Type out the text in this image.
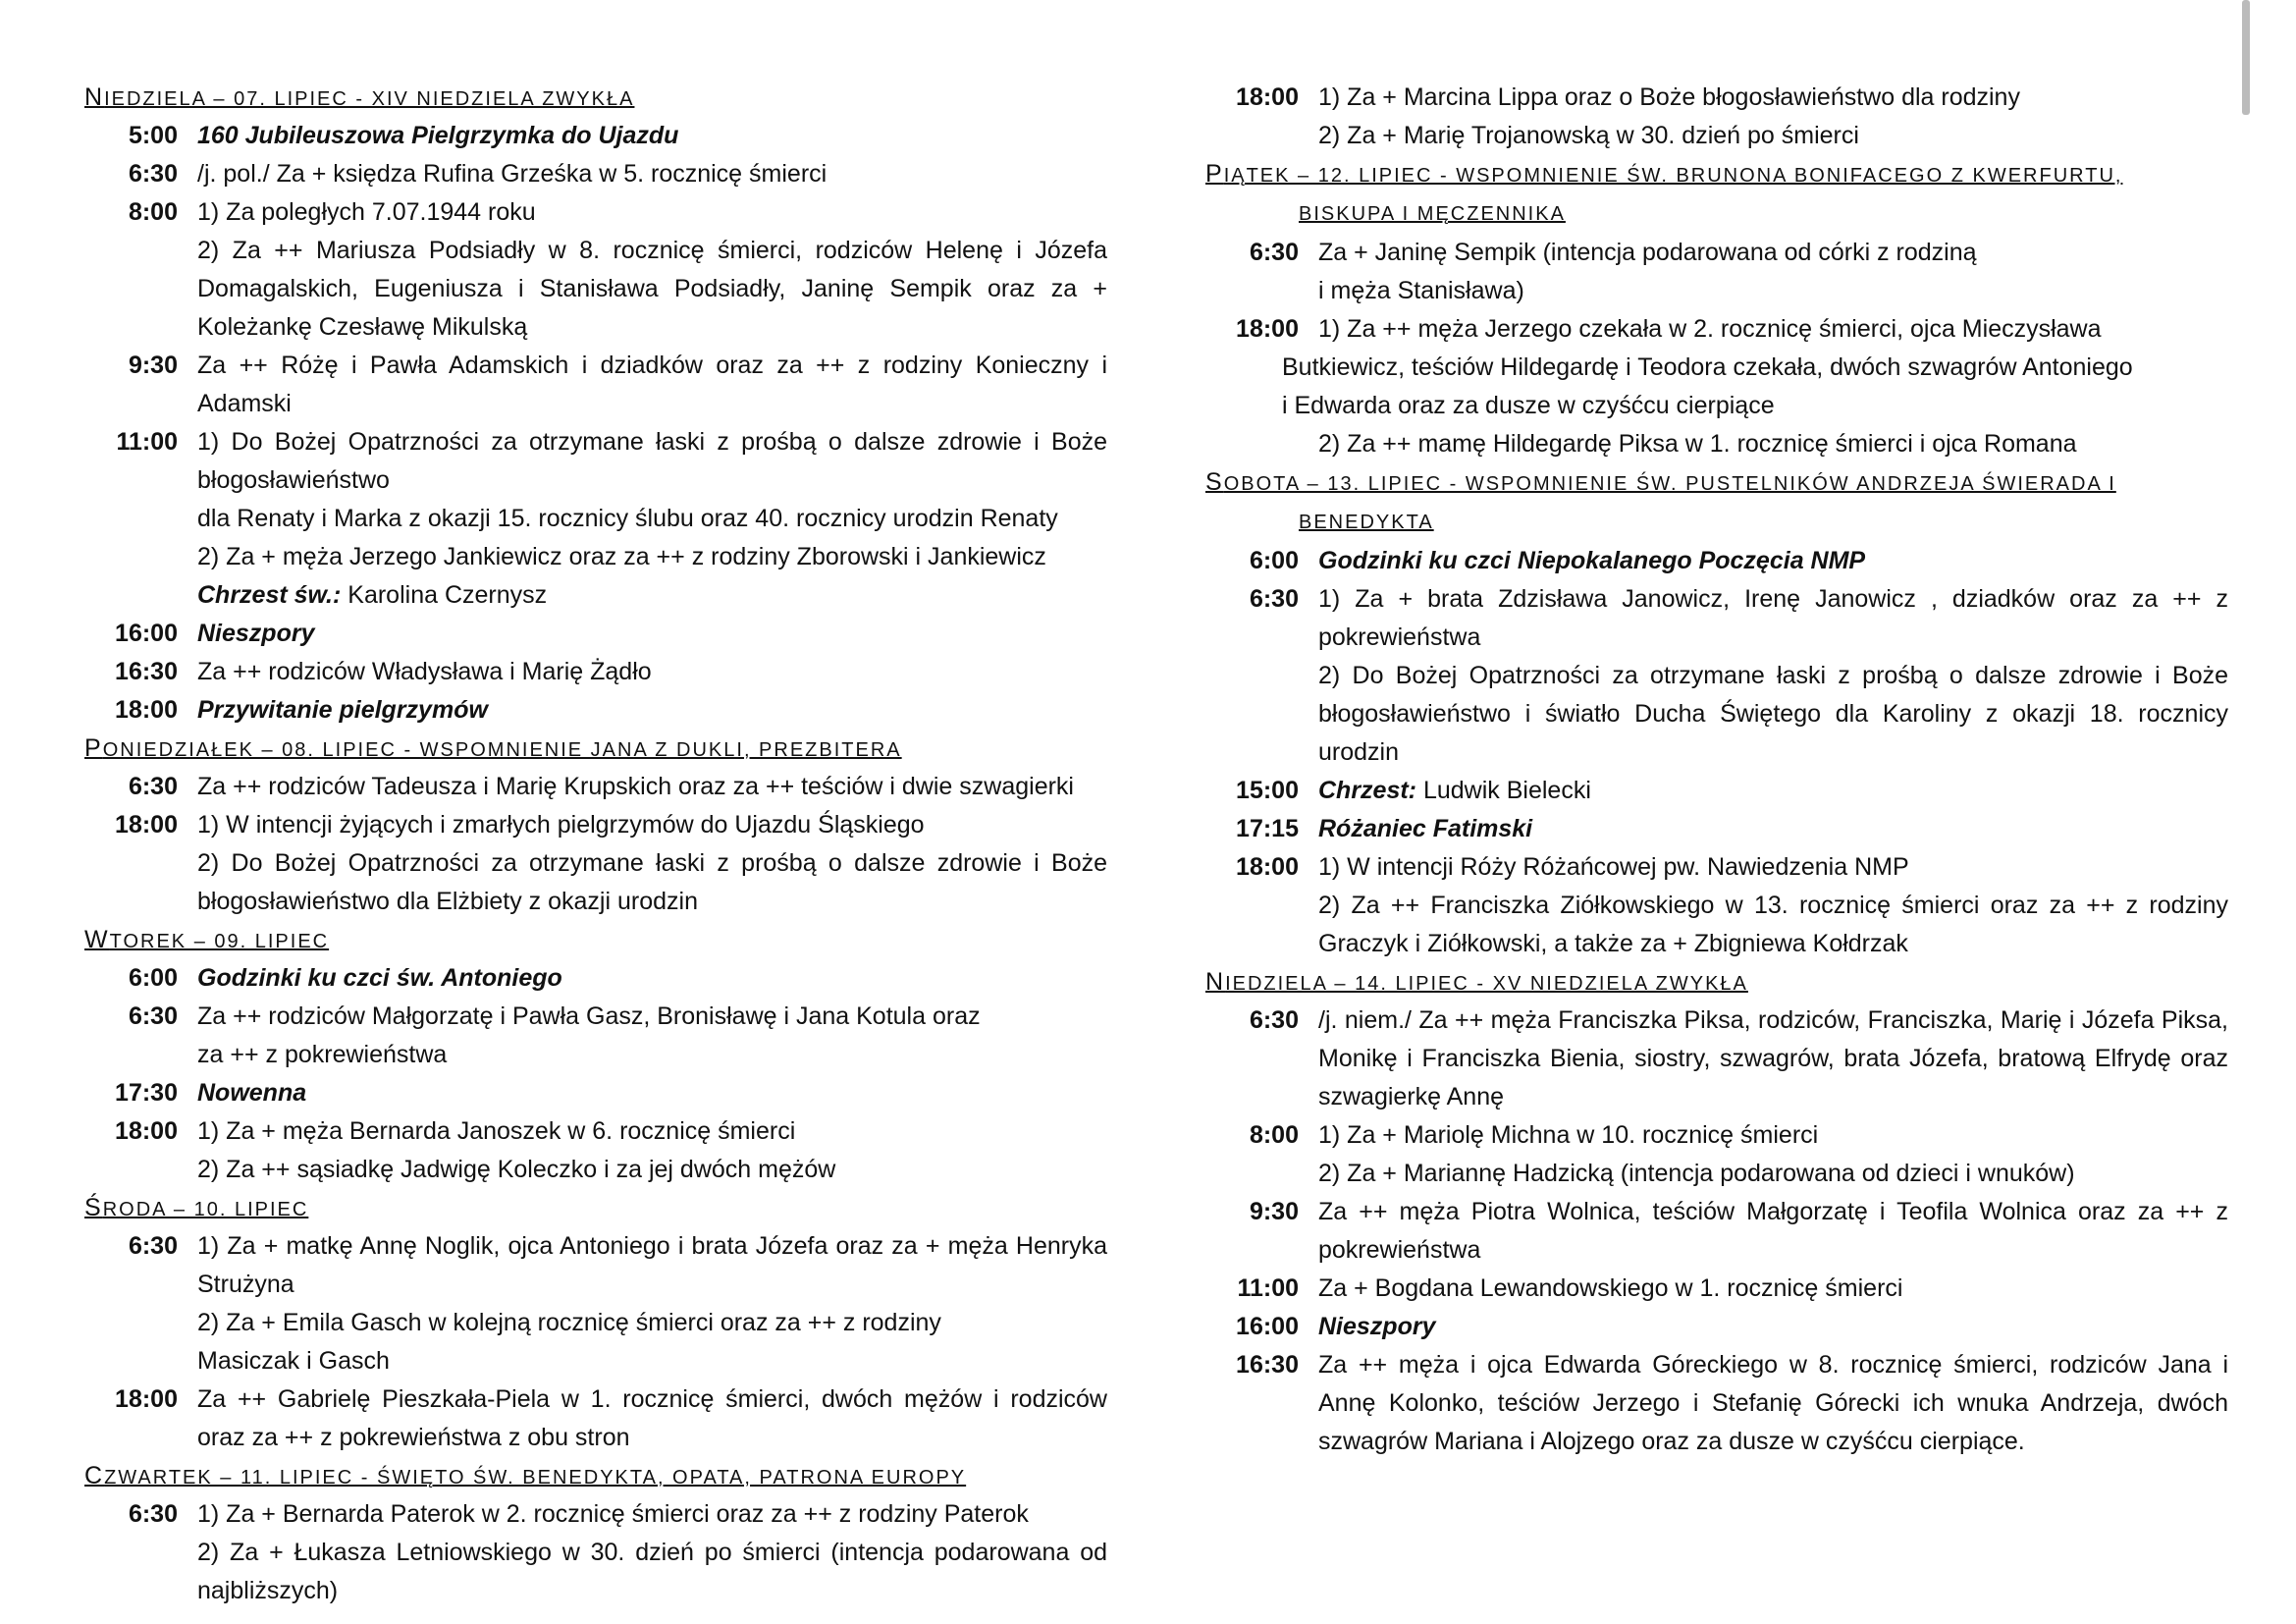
NIEDZIELA – 07. LIPIEC - XIV NIEDZIELA ZWYKŁA
5:00 160 Jubileuszowa Pielgrzymka do Ujazdu
6:30 /j. pol./ Za + księdza Rufina Grześka w 5. rocznicę śmierci
8:00 1) Za poległych 7.07.1944 roku
2) Za ++ Mariusza Podsiadły w 8. rocznicę śmierci, rodziców Helenę i Józefa Domagalskich, Eugeniusza i Stanisława Podsiadły, Janinę Sempik oraz za + Koleżankę Czesławę Mikulską
9:30 Za ++ Różę i Pawła Adamskich i dziadków oraz za ++ z rodziny Konieczny i Adamski
11:00 1) Do Bożej Opatrzności za otrzymane łaski z prośbą o dalsze zdrowie i Boże błogosławieństwo
dla Renaty i Marka z okazji 15. rocznicy ślubu oraz 40. rocznicy urodzin Renaty
2) Za + męża Jerzego Jankiewicz oraz za ++ z rodziny Zborowski i Jankiewicz
Chrzest św.: Karolina Czernysz
16:00 Nieszpory
16:30 Za ++ rodziców Władysława i Marię Żądło
18:00 Przywitanie pielgrzymów
PONIEDZIAŁEK – 08. LIPIEC - WSPOMNIENIE JANA Z DUKLI, PREZBITERA
6:30 Za ++ rodziców Tadeusza i Marię Krupskich oraz za ++ teściów i dwie szwagierki
18:00 1) W intencji żyjących i zmarłych pielgrzymów do Ujazdu Śląskiego
2) Do Bożej Opatrzności za otrzymane łaski z prośbą o dalsze zdrowie i Boże błogosławieństwo dla Elżbiety z okazji urodzin
WTOREK – 09. LIPIEC
6:00 Godzinki ku czci św. Antoniego
6:30 Za ++ rodziców Małgorzatę i Pawła Gasz, Bronisławę i Jana Kotula oraz
za ++ z pokrewieństwa
17:30 Nowenna
18:00 1) Za + męża Bernarda Janoszek w 6. rocznicę śmierci
2) Za ++ sąsiadkę Jadwigę Koleczko i za jej dwóch mężów
ŚRODA – 10. LIPIEC
6:30 1) Za + matkę Annę Noglik, ojca Antoniego i brata Józefa oraz za + męża Henryka Strużyna
2) Za + Emila Gasch w kolejną rocznicę śmierci oraz za ++ z rodziny
Masiczak i Gasch
18:00 Za ++ Gabrielę Pieszkała-Piela w 1. rocznicę śmierci, dwóch mężów i rodziców oraz za ++ z pokrewieństwa z obu stron
CZWARTEK – 11. LIPIEC - ŚWIĘTO ŚW. BENEDYKTA, OPATA, PATRONA EUROPY
6:30 1) Za + Bernarda Paterok w 2. rocznicę śmierci oraz za ++ z rodziny Paterok
2) Za + Łukasza Letniowskiego w 30. dzień po śmierci (intencja podarowana od najbliższych)
18:00 1) Za + Marcina Lippa oraz o Boże błogosławieństwo dla rodziny
2) Za + Marię Trojanowską w 30. dzień po śmierci
PIĄTEK – 12. LIPIEC - WSPOMNIENIE ŚW. BRUNONA BONIFACEGO Z KWERFURTU,
BISKUPA I MĘCZENNIKA
6:30 Za + Janinę Sempik (intencja podarowana od córki z rodziną
i męża Stanisława)
18:00 1) Za ++ męża Jerzego czekała w 2. rocznicę śmierci, ojca Mieczysława
Butkiewicz, teściów Hildegardę i Teodora czekała, dwóch szwagrów Antoniego
i Edwarda oraz za dusze w czyśćcu cierpiące
2) Za ++ mamę Hildegardę Piksa w 1. rocznicę śmierci i ojca Romana
SOBOTA – 13. LIPIEC - WSPOMNIENIE ŚW. PUSTELNIKÓW ANDRZEJA ŚWIERADA I
BENEDYKTA
6:00 Godzinki ku czci Niepokalanego Poczęcia NMP
6:30 1) Za + brata Zdzisława Janowicz, Irenę Janowicz , dziadków oraz za ++ z pokrewieństwa
2) Do Bożej Opatrzności za otrzymane łaski z prośbą o dalsze zdrowie i Boże błogosławieństwo i światło Ducha Świętego dla Karoliny z okazji 18. rocznicy urodzin
15:00 Chrzest: Ludwik Bielecki
17:15 Różaniec Fatimski
18:00 1) W intencji Róży Różańcowej pw. Nawiedzenia NMP
2) Za ++ Franciszka Ziółkowskiego w 13. rocznicę śmierci oraz za ++ z rodziny Graczyk i Ziółkowski, a także za + Zbigniewa Kołdrzak
NIEDZIELA – 14. LIPIEC - XV NIEDZIELA ZWYKŁA
6:30 /j. niem./ Za ++ męża Franciszka Piksa, rodziców, Franciszka, Marię i Józefa Piksa, Monikę i Franciszka Bienia, siostry, szwagrów, brata Józefa, bratową Elfrydę oraz szwagierkę Annę
8:00 1) Za + Mariolę Michna w 10. rocznicę śmierci
2) Za + Mariannę Hadzicką (intencja podarowana od dzieci i wnuków)
9:30 Za ++ męża Piotra Wolnica, teściów Małgorzatę i Teofila Wolnica oraz za ++ z pokrewieństwa
11:00 Za + Bogdana Lewandowskiego w 1. rocznicę śmierci
16:00 Nieszpory
16:30 Za ++ męża i ojca Edwarda Góreckiego w 8. rocznicę śmierci, rodziców Jana i Annę Kolonko, teściów Jerzego i Stefanię Górecki ich wnuka Andrzeja, dwóch szwagrów Mariana i Alojzego oraz za dusze w czyśćcu cierpiące.
